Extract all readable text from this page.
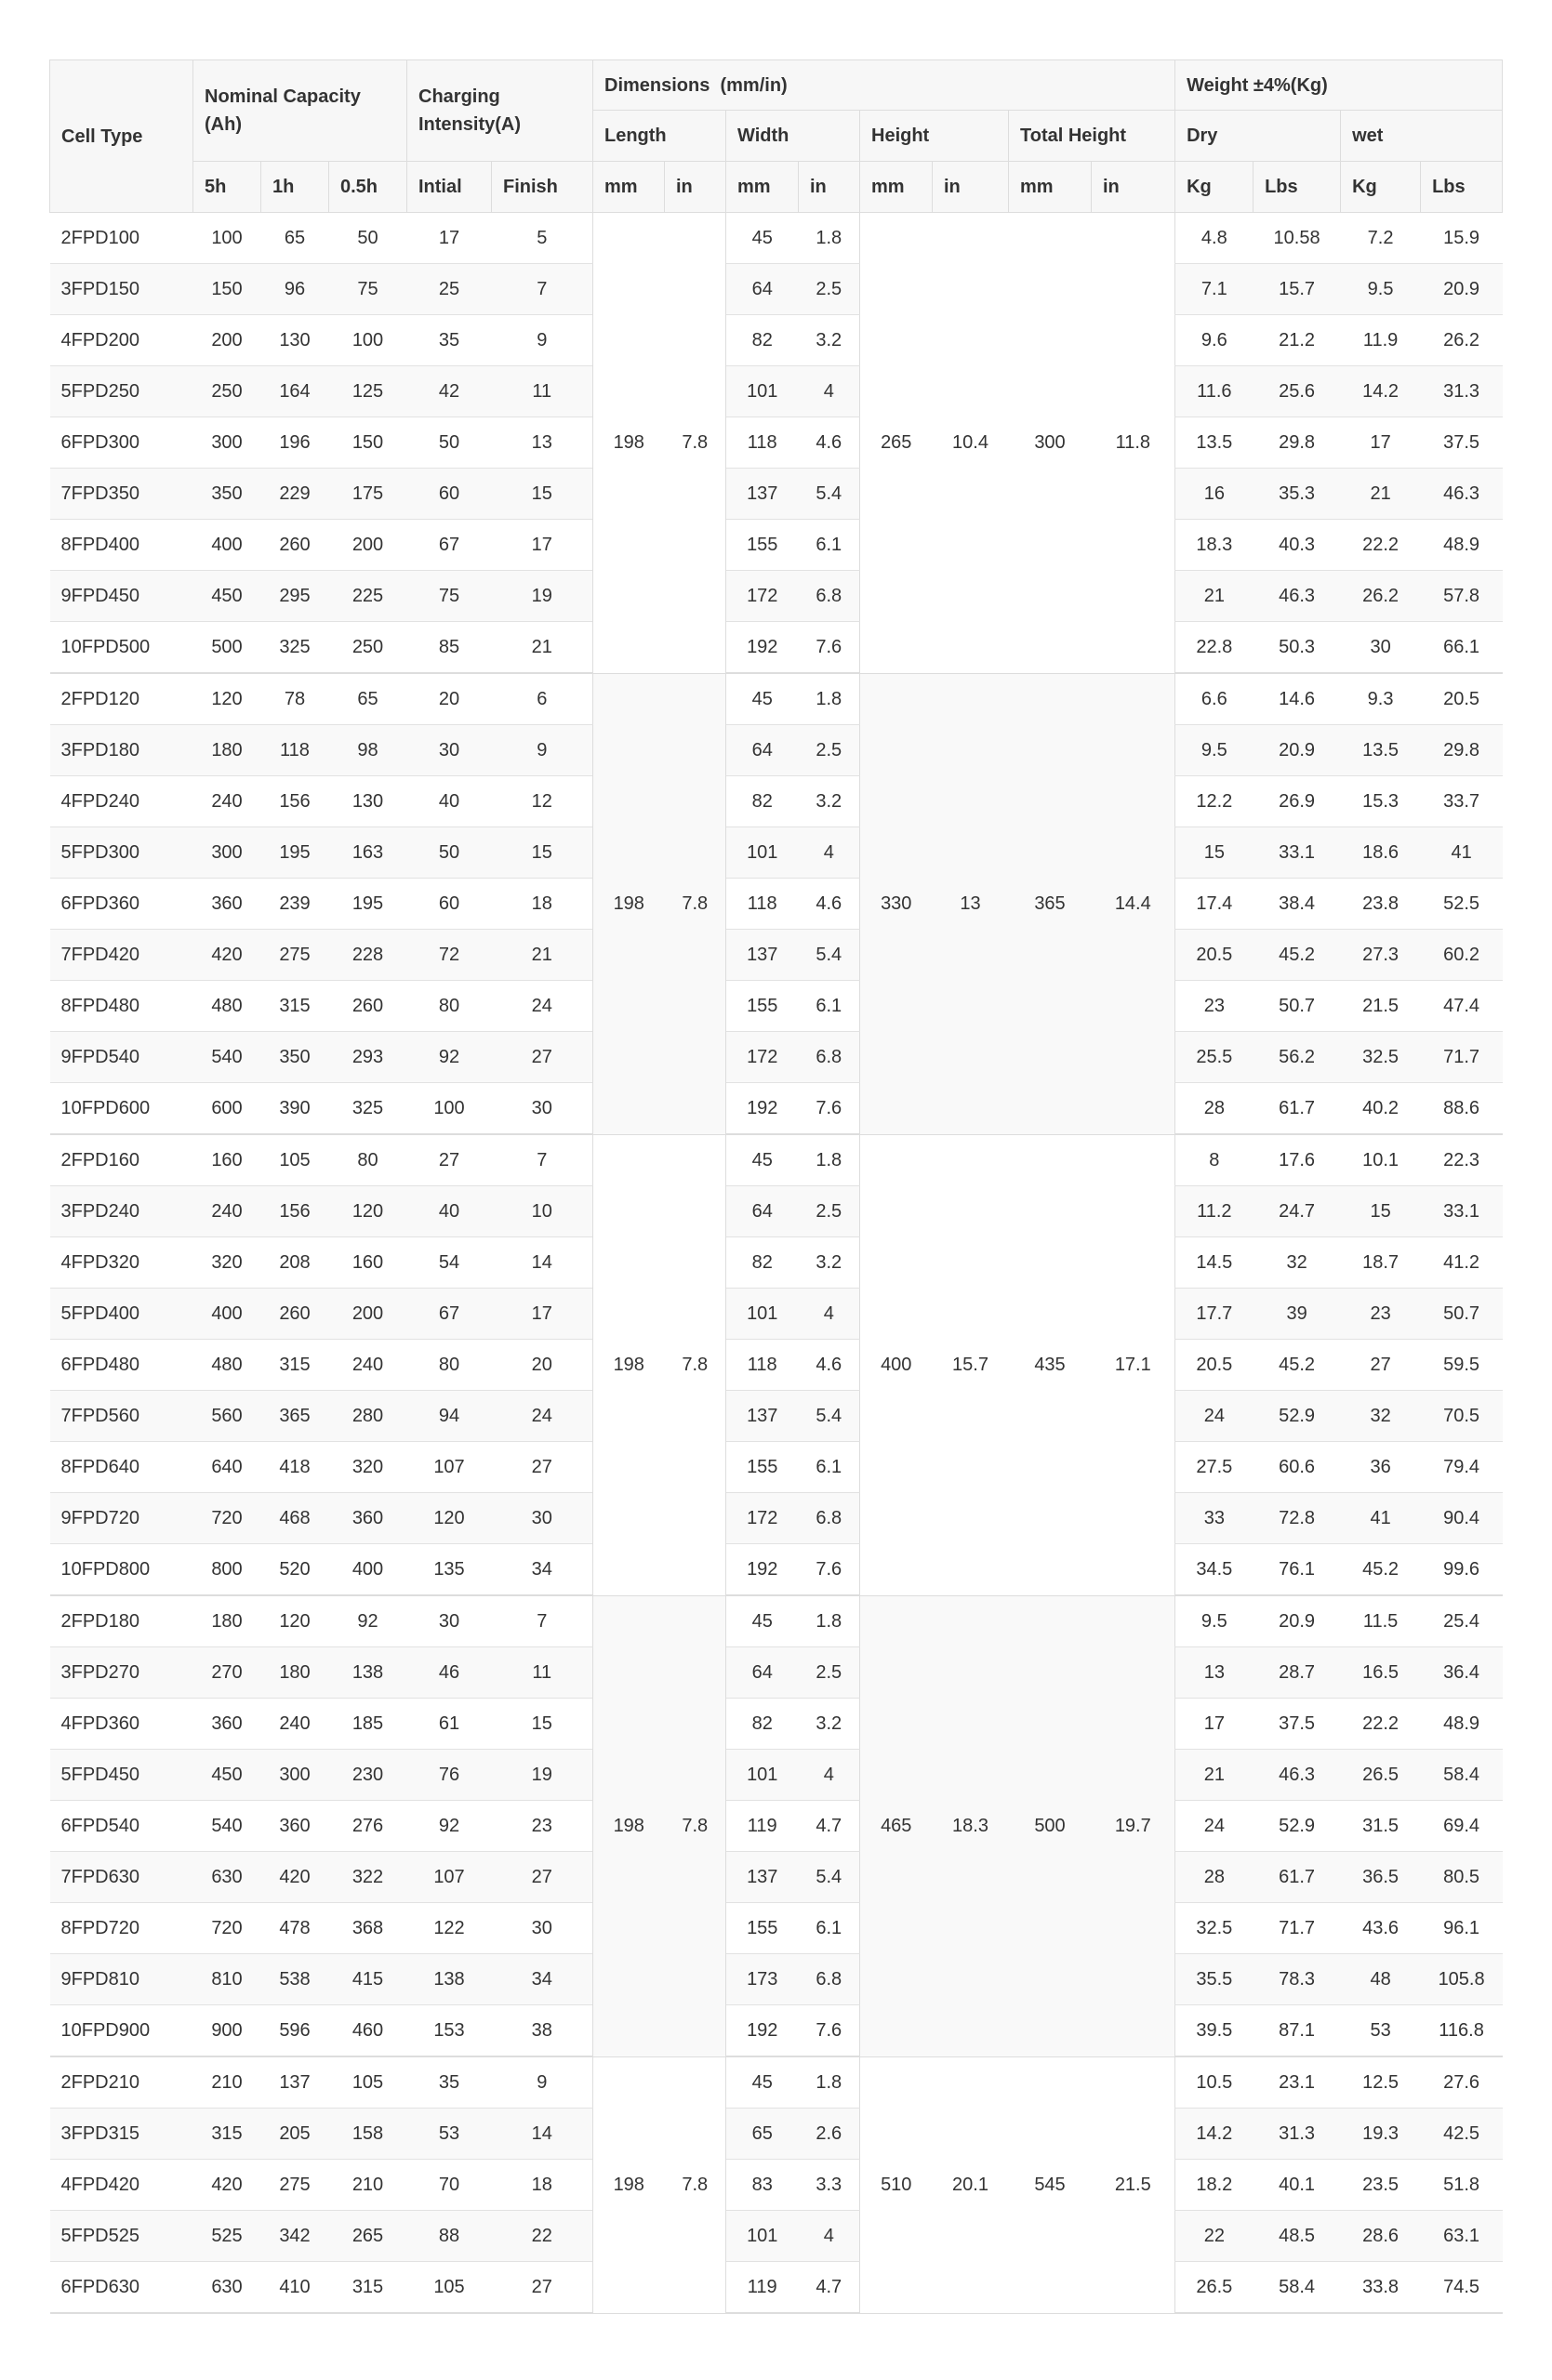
Cell Type	Nominal Capacity (Ah)			Charging Intensity(A)		Dimensions  (mm/in)								Weight ±4%(Kg)			
						Length		Width		Height		Total Height		Dry		wet	
	5h	1h	0.5h	Intial	Finish	mm	in	mm	in	mm	in	mm	in	Kg	Lbs	Kg	Lbs
2FPD100	100	65	50	17	5	198	7.8	45	1.8	265	10.4	300	11.8	4.8	10.58	7.2	15.9
3FPD150	150	96	75	25	7			64	2.5					7.1	15.7	9.5	20.9
4FPD200	200	130	100	35	9			82	3.2					9.6	21.2	11.9	26.2
5FPD250	250	164	125	42	11			101	4					11.6	25.6	14.2	31.3
6FPD300	300	196	150	50	13			118	4.6					13.5	29.8	17	37.5
7FPD350	350	229	175	60	15			137	5.4					16	35.3	21	46.3
8FPD400	400	260	200	67	17			155	6.1					18.3	40.3	22.2	48.9
9FPD450	450	295	225	75	19			172	6.8					21	46.3	26.2	57.8
10FPD500	500	325	250	85	21			192	7.6					22.8	50.3	30	66.1
2FPD120	120	78	65	20	6	198	7.8	45	1.8	330	13	365	14.4	6.6	14.6	9.3	20.5
3FPD180	180	118	98	30	9			64	2.5					9.5	20.9	13.5	29.8
4FPD240	240	156	130	40	12			82	3.2					12.2	26.9	15.3	33.7
5FPD300	300	195	163	50	15			101	4					15	33.1	18.6	41
6FPD360	360	239	195	60	18			118	4.6					17.4	38.4	23.8	52.5
7FPD420	420	275	228	72	21			137	5.4					20.5	45.2	27.3	60.2
8FPD480	480	315	260	80	24			155	6.1					23	50.7	21.5	47.4
9FPD540	540	350	293	92	27			172	6.8					25.5	56.2	32.5	71.7
10FPD600	600	390	325	100	30			192	7.6					28	61.7	40.2	88.6
2FPD160	160	105	80	27	7	198	7.8	45	1.8	400	15.7	435	17.1	8	17.6	10.1	22.3
3FPD240	240	156	120	40	10			64	2.5					11.2	24.7	15	33.1
4FPD320	320	208	160	54	14			82	3.2					14.5	32	18.7	41.2
5FPD400	400	260	200	67	17			101	4					17.7	39	23	50.7
6FPD480	480	315	240	80	20			118	4.6					20.5	45.2	27	59.5
7FPD560	560	365	280	94	24			137	5.4					24	52.9	32	70.5
8FPD640	640	418	320	107	27			155	6.1					27.5	60.6	36	79.4
9FPD720	720	468	360	120	30			172	6.8					33	72.8	41	90.4
10FPD800	800	520	400	135	34			192	7.6					34.5	76.1	45.2	99.6
2FPD180	180	120	92	30	7	198	7.8	45	1.8	465	18.3	500	19.7	9.5	20.9	11.5	25.4
3FPD270	270	180	138	46	11			64	2.5					13	28.7	16.5	36.4
4FPD360	360	240	185	61	15			82	3.2					17	37.5	22.2	48.9
5FPD450	450	300	230	76	19			101	4					21	46.3	26.5	58.4
6FPD540	540	360	276	92	23			119	4.7					24	52.9	31.5	69.4
7FPD630	630	420	322	107	27			137	5.4					28	61.7	36.5	80.5
8FPD720	720	478	368	122	30			155	6.1					32.5	71.7	43.6	96.1
9FPD810	810	538	415	138	34			173	6.8					35.5	78.3	48	105.8
10FPD900	900	596	460	153	38			192	7.6					39.5	87.1	53	116.8
2FPD210	210	137	105	35	9	198	7.8	45	1.8	510	20.1	545	21.5	10.5	23.1	12.5	27.6
3FPD315	315	205	158	53	14			65	2.6					14.2	31.3	19.3	42.5
4FPD420	420	275	210	70	18			83	3.3					18.2	40.1	23.5	51.8
5FPD525	525	342	265	88	22			101	4					22	48.5	28.6	63.1
6FPD630	630	410	315	105	27			119	4.7					26.5	58.4	33.8	74.5
